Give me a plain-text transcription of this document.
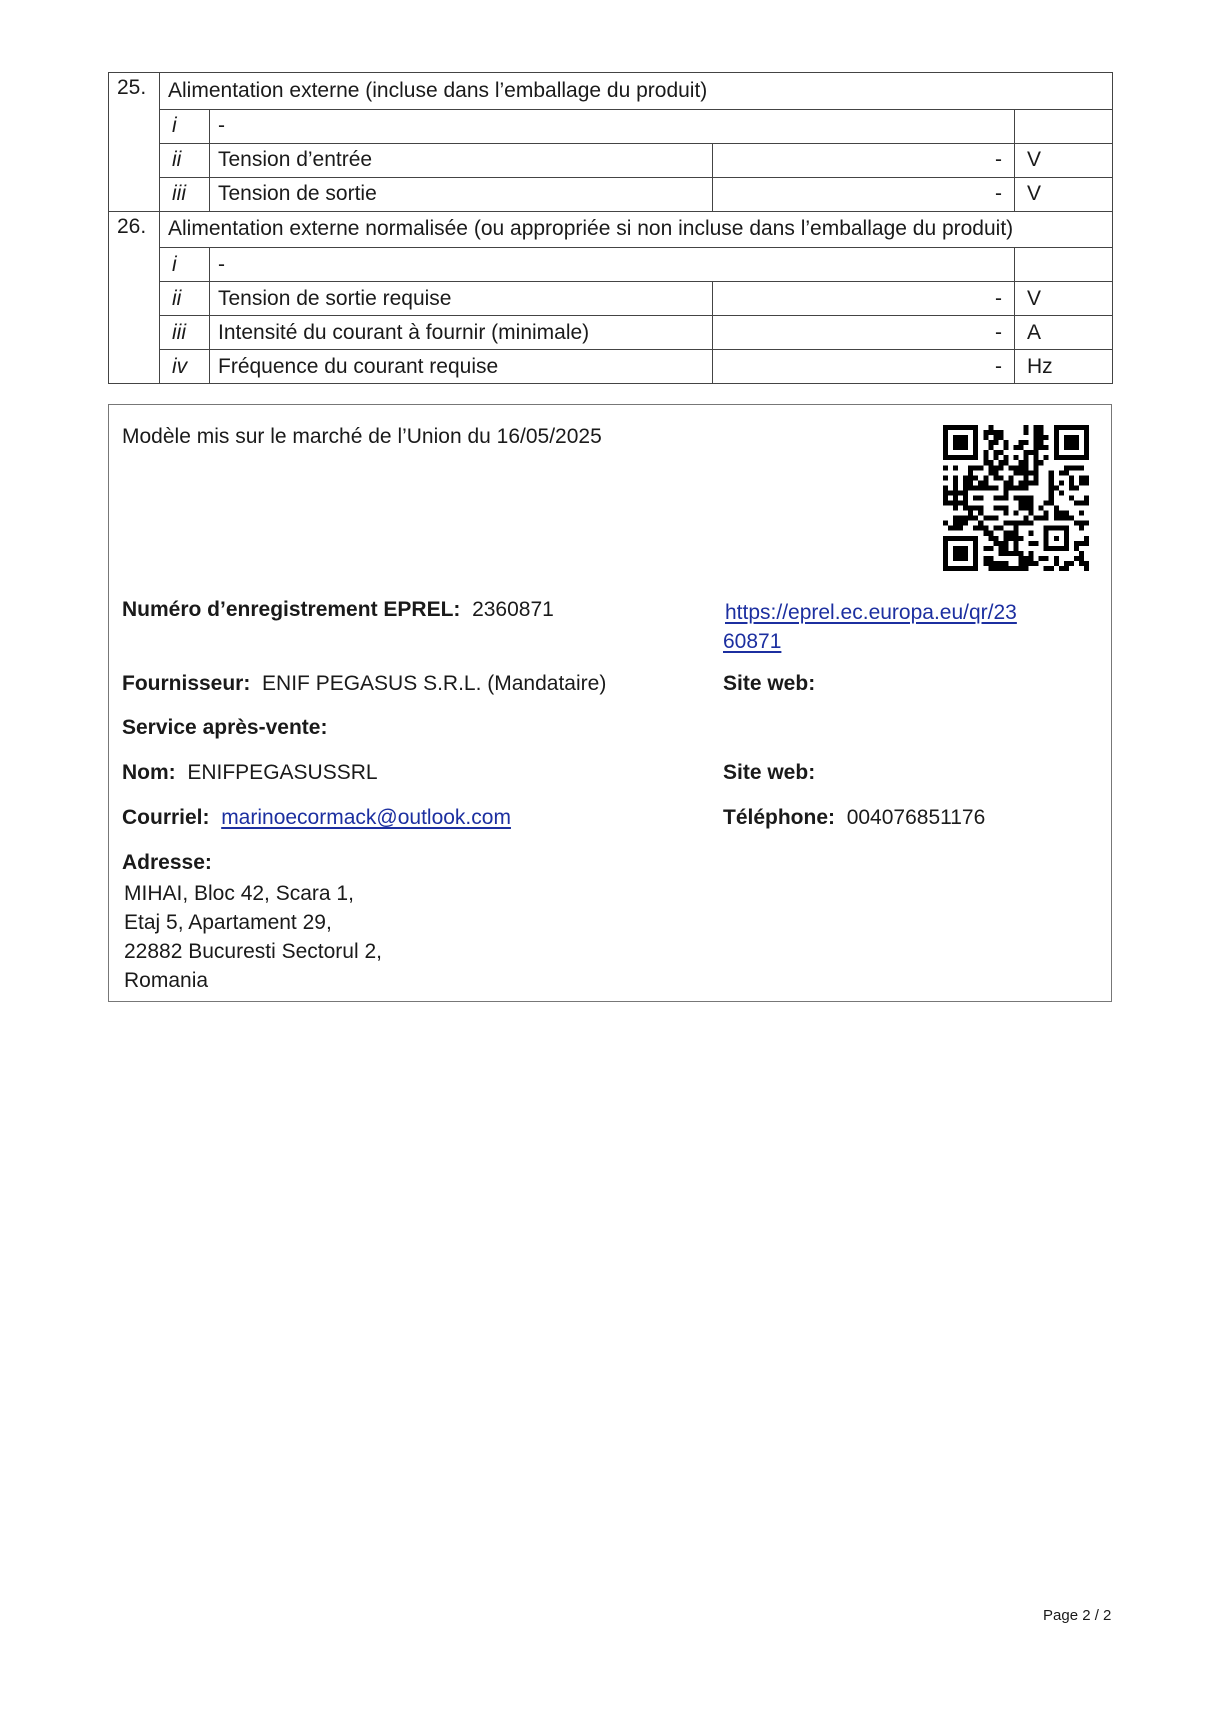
25.	Alimentation externe (incluse dans l’emballage du produit)			
	i	-		
	ii	Tension d’entrée	-	V
	iii	Tension de sortie	-	V
26.	Alimentation externe normalisée (ou appropriée si non incluse dans l’emballage du produit)			
	i	-		
	ii	Tension de sortie requise	-	V
	iii	Intensité du courant à fournir (minimale)	-	A
	iv	Fréquence du courant requise	-	Hz
Modèle mis sur le marché de l’Union du 16/05/2025
Numéro d’enregistrement EPREL: 2360871	https://eprel.ec.europa.eu/qr/23
60871
Fournisseur: ENIF PEGASUS S.R.L. (Mandataire)	Site web:
Service après-vente:
Nom: ENIFPEGASUSSRL	Site web:
Courriel: marinoecormack@outlook.com	Téléphone: 004076851176
Adresse:
MIHAI, Bloc 42, Scara 1,
Etaj 5, Apartament 29,
22882 Bucuresti Sectorul 2,
Romania
Page 2 / 2
